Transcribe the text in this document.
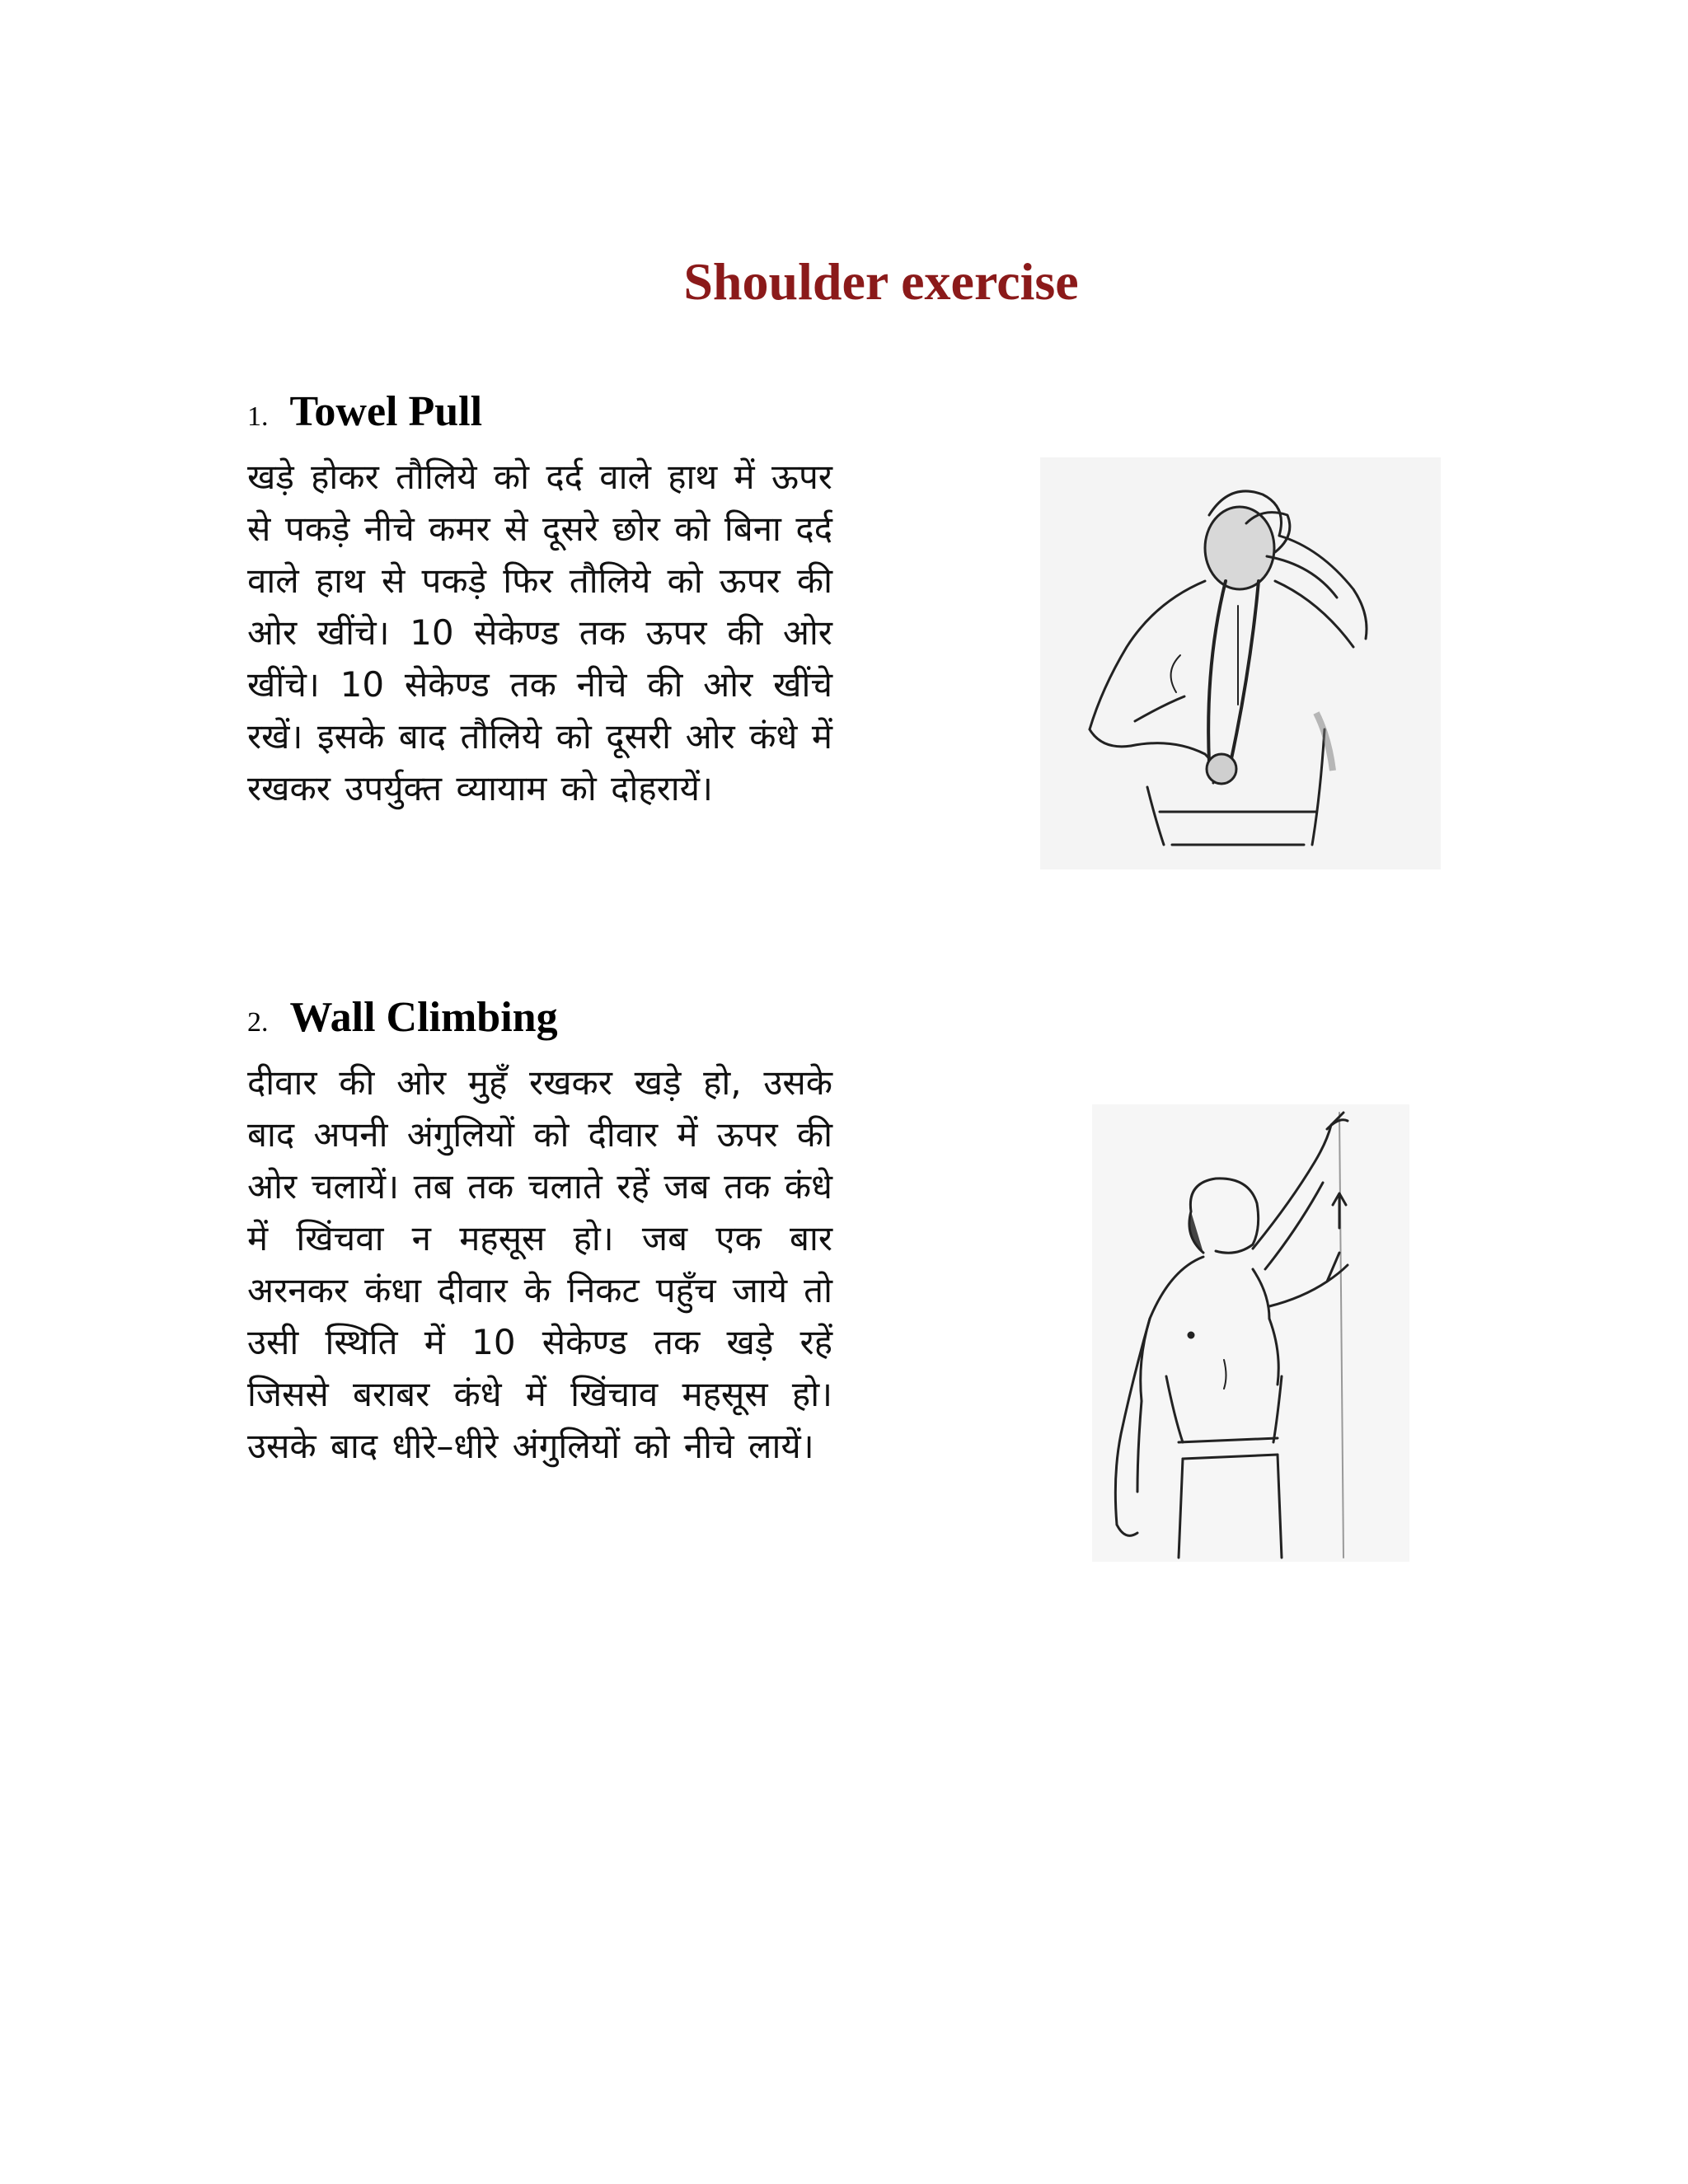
Shoulder exercise
1. Towel Pull
खड़े होकर तौलिये को दर्द वाले हाथ में ऊपर से पकड़े नीचे कमर से दूसरे छोर को बिना दर्द वाले हाथ से पकड़े फिर तौलिये को ऊपर की ओर खींचे। 10 सेकेण्ड तक ऊपर की ओर खींचे। 10 सेकेण्ड तक नीचे की ओर खींचे रखें। इसके बाद तौलिये को दूसरी ओर कंधे में रखकर उपर्युक्त व्यायाम को दोहरायें।
2. Wall Climbing
दीवार की ओर मुहँ रखकर खड़े हो, उसके बाद अपनी अंगुलियों को दीवार में ऊपर की ओर चलायें। तब तक चलाते रहें जब तक कंधे में खिंचवा न महसूस हो। जब एक बार अरनकर कंधा दीवार के निकट पहुँच जाये तो उसी स्थिति में 10 सेकेण्ड तक खड़े रहें जिससे बराबर कंधे में खिंचाव महसूस हो। उसके बाद धीरे–धीरे अंगुलियों को नीचे लायें।
